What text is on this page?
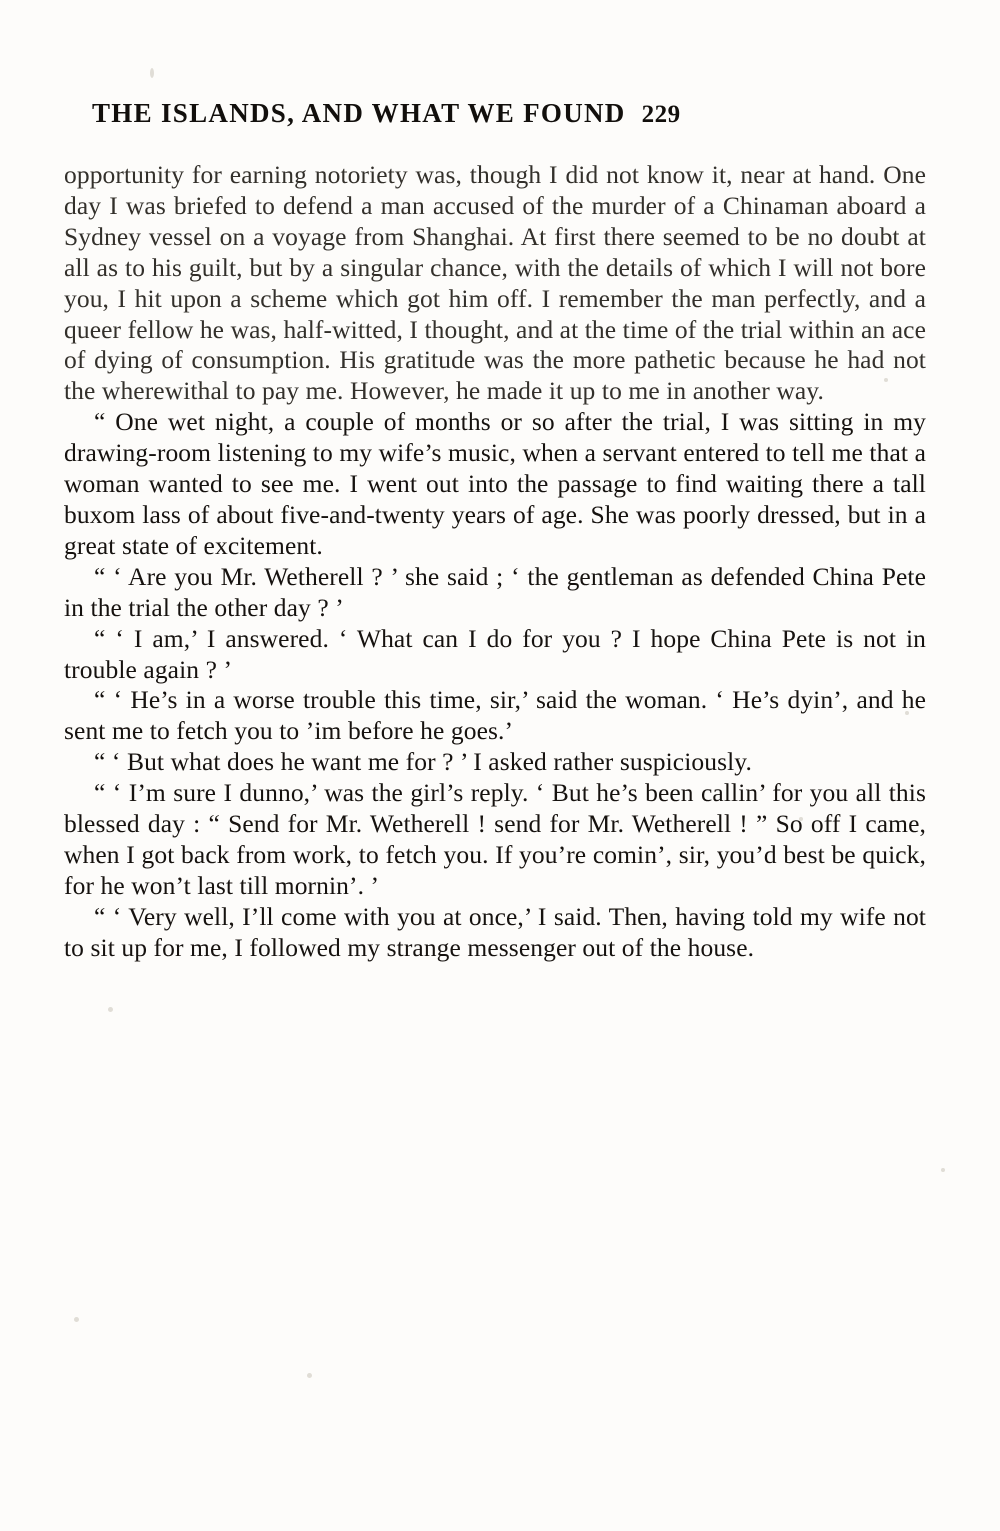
THE ISLANDS, AND WHAT WE FOUND 229

opportunity for earning notoriety was, though I did not know it, near at hand. One day I was briefed to defend a man accused of the murder of a Chinaman aboard a Sydney vessel on a voyage from Shanghai. At first there seemed to be no doubt at all as to his guilt, but by a singular chance, with the details of which I will not bore you, I hit upon a scheme which got him off. I remember the man perfectly, and a queer fellow he was, half-witted, I thought, and at the time of the trial within an ace of dying of consumption. His gratitude was the more pathetic because he had not the wherewithal to pay me. However, he made it up to me in another way.

“ One wet night, a couple of months or so after the trial, I was sitting in my drawing-room listening to my wife’s music, when a servant entered to tell me that a woman wanted to see me. I went out into the passage to find waiting there a tall buxom lass of about five-and-twenty years of age. She was poorly dressed, but in a great state of excitement.

“ ‘ Are you Mr. Wetherell ? ’ she said ; ‘ the gentleman as defended China Pete in the trial the other day ? ’

“ ‘ I am,’ I answered. ‘ What can I do for you ? I hope China Pete is not in trouble again ? ’

“ ‘ He’s in a worse trouble this time, sir,’ said the woman. ‘ He’s dyin’, and he sent me to fetch you to ’im before he goes.’

“ ‘ But what does he want me for ? ’ I asked rather suspiciously.

“ ‘ I’m sure I dunno,’ was the girl’s reply. ‘ But he’s been callin’ for you all this blessed day : “ Send for Mr. Wetherell ! send for Mr. Wetherell ! ” So off I came, when I got back from work, to fetch you. If you’re comin’, sir, you’d best be quick, for he won’t last till mornin’. ’

“ ‘ Very well, I’ll come with you at once,’ I said. Then, having told my wife not to sit up for me, I followed my strange messenger out of the house.
